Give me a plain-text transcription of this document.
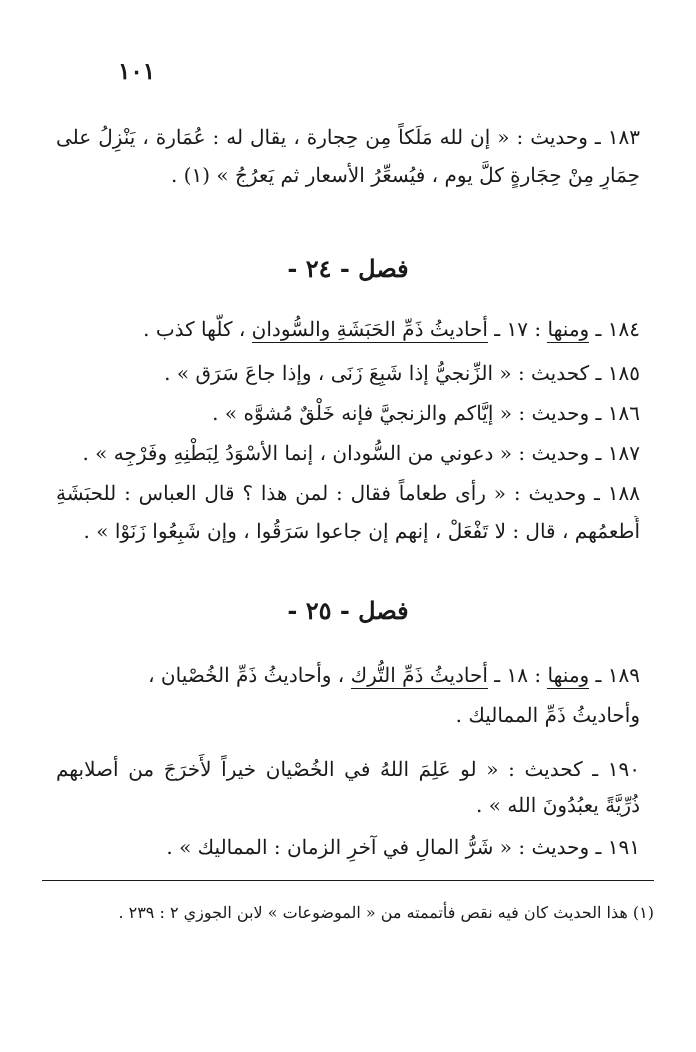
١٠١
١٨٣ ـ وحديث : « إن لله مَلَكاً مِن حِجارة ، يقال له : عُمَارة ، يَنْزِلُ على
حِمَارٍ مِنْ حِجَارةٍ كلَّ يوم ، فيُسعِّرُ الأسعار ثم يَعرُجُ » (١) .
فصل - ٢٤ -
١٨٤ ـ ومنها : ١٧ ـ أحاديثُ ذَمِّ الحَبَشَةِ والسُّودان ، كلُّها كذب .
١٨٥ ـ كحديث : « الزِّنجيُّ إذا شَبِعَ زَنَى ، وإذا جاعَ سَرَق » .
١٨٦ ـ وحديث : « إيَّاكم والزنجيَّ فإنه خَلْقٌ مُشوَّه » .
١٨٧ ـ وحديث : « دعوني من السُّودان ، إنما الأسْوَدُ لِبَطْنِهِ وفَرْجِه » .
١٨٨ ـ وحديث : « رأى طعاماً فقال : لمن هذا ؟ قال العباس : للحبَشَةِ
أُطعمُهم ، قال : لا تَفْعَلْ ، إنهم إن جاعوا سَرَقُوا ، وإن شَبِعُوا زَنَوْا » .
فصل - ٢٥ -
١٨٩ ـ ومنها : ١٨ ـ أحاديثُ ذَمِّ التُّرك ، وأحاديثُ ذَمِّ الخُصْيان ،
وأحاديثُ ذَمِّ المماليك .
١٩٠ ـ كحديث : « لو عَلِمَ اللهُ في الخُصْيان خيراً لأَخرَجَ من أصلابهم
ذُرِّيَّةً يعبُدُونَ الله » .
١٩١ ـ وحديث : « شَرُّ المالِ في آخرِ الزمان : المماليك » .
(١) هذا الحديث كان فيه نقص فأتممته من « الموضوعات » لابن الجوزي ٢ : ٢٣٩ .
